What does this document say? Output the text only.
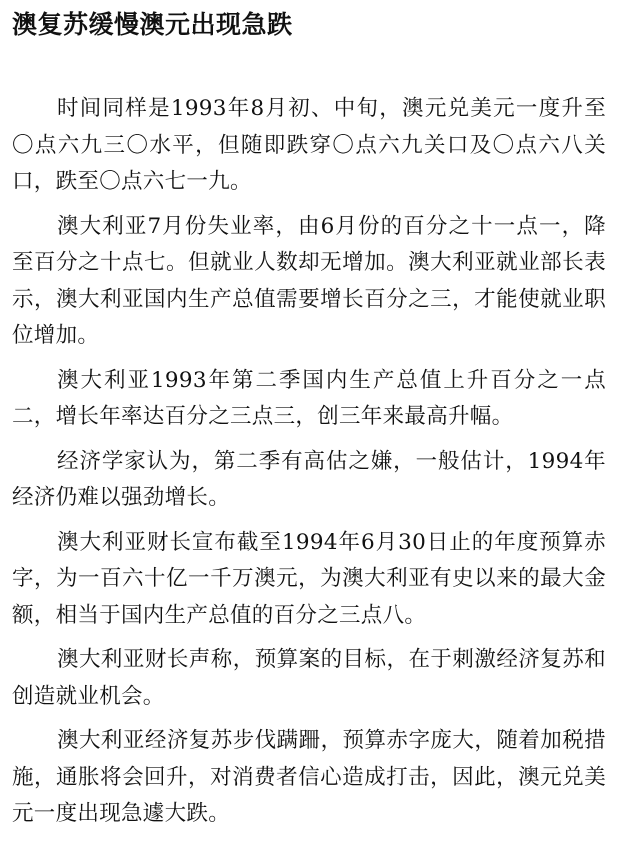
澳复苏缓慢澳元出现急跌

时间同样是1993年8月初、中旬，澳元兑美元一度升至〇点六九三〇水平，但随即跌穿〇点六九关口及〇点六八关口，跌至〇点六七一九。

澳大利亚7月份失业率，由6月份的百分之十一点一，降至百分之十点七。但就业人数却无增加。澳大利亚就业部长表示，澳大利亚国内生产总值需要增长百分之三，才能使就业职位增加。

澳大利亚1993年第二季国内生产总值上升百分之一点二，增长年率达百分之三点三，创三年来最高升幅。

经济学家认为，第二季有高估之嫌，一般估计，1994年经济仍难以强劲增长。

澳大利亚财长宣布截至1994年6月30日止的年度预算赤字，为一百六十亿一千万澳元，为澳大利亚有史以来的最大金额，相当于国内生产总值的百分之三点八。

澳大利亚财长声称，预算案的目标，在于刺激经济复苏和创造就业机会。

澳大利亚经济复苏步伐蹒跚，预算赤字庞大，随着加税措施，通胀将会回升，对消费者信心造成打击，因此，澳元兑美元一度出现急遽大跌。
